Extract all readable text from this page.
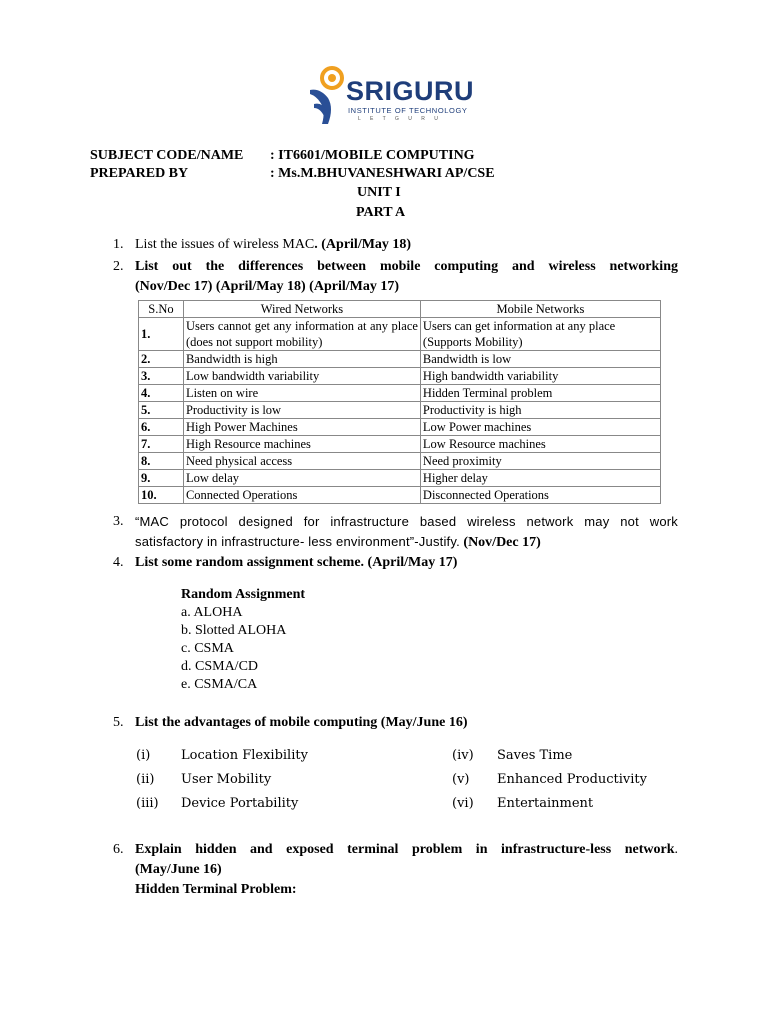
SRIGURU
INSTITUTE OF TECHNOLOGY
L E T G U R U
SUBJECT CODE/NAME : IT6601/MOBILE COMPUTING
PREPARED BY	: Ms.M.BHUVANESHWARI AP/CSE
UNIT I
PART A
1. List the issues of wireless MAC. (April/May 18)
2. List out the differences between mobile computing and wireless networking
(Nov/Dec 17) (April/May 18) (April/May 17)
S.No	Wired Networks	Mobile Networks
1.	Users cannot get any information at any place (does not support mobility)	Users can get information at any place (Supports Mobility)
2.	Bandwidth is high	Bandwidth is low
3.	Low bandwidth variability	High bandwidth variability
4.	Listen on wire	Hidden Terminal problem
5.	Productivity is low	Productivity is high
6.	High Power Machines	Low Power machines
7.	High Resource machines	Low Resource machines
8.	Need physical access	Need proximity
9.	Low delay	Higher delay
10.	Connected Operations	Disconnected Operations
3. “MAC protocol designed for infrastructure based wireless network may not work
satisfactory in infrastructure- less environment”-Justify. (Nov/Dec 17)
4. List some random assignment scheme. (April/May 17)
Random Assignment
a. ALOHA
b. Slotted ALOHA
c. CSMA
d. CSMA/CD
e. CSMA/CA
5. List the advantages of mobile computing (May/June 16)
(i) Location Flexibility
(ii) User Mobility
(iii) Device Portability
(iv) Saves Time
(v) Enhanced Productivity
(vi) Entertainment
6. Explain hidden and exposed terminal problem in infrastructure-less network .
(May/June 16)
Hidden Terminal Problem:
